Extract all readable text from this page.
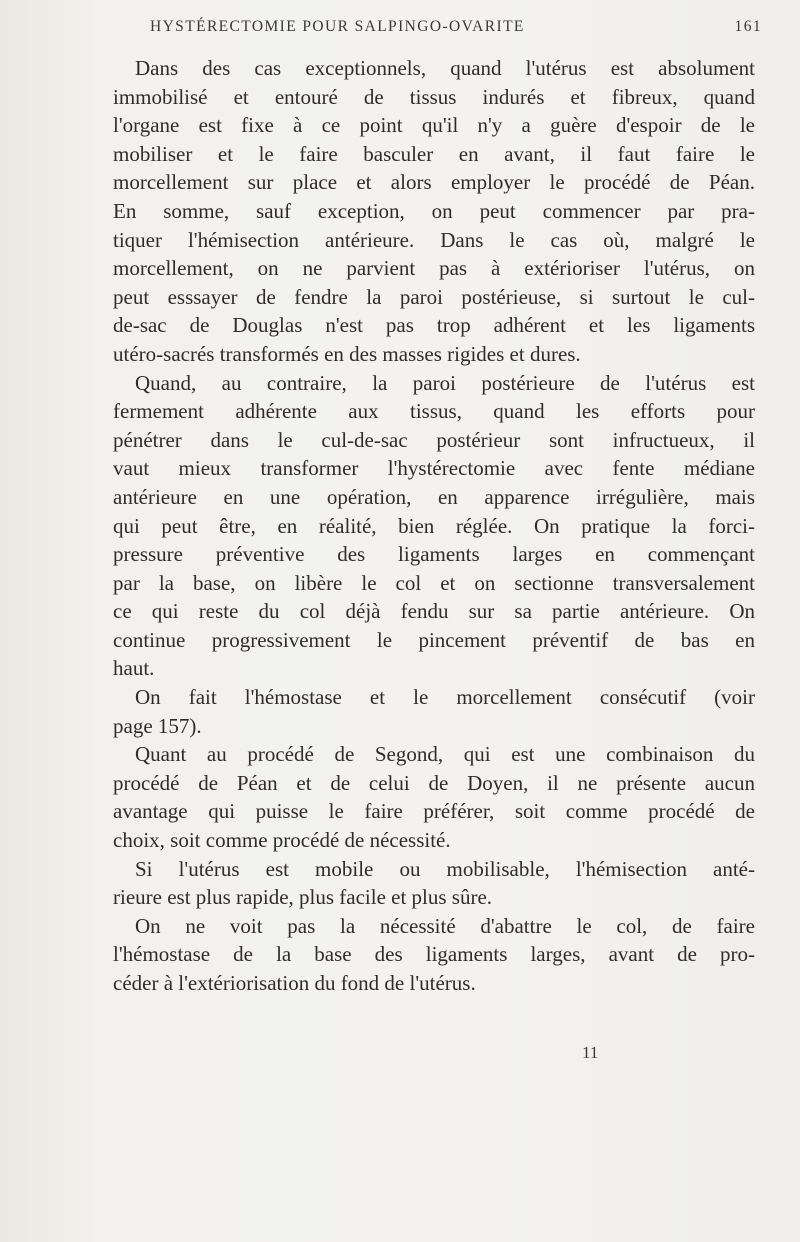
HYSTÉRECTOMIE POUR SALPINGO-OVARITE	161
Dans des cas exceptionnels, quand l'utérus est absolument
immobilisé et entouré de tissus indurés et fibreux, quand
l'organe est fixe à ce point qu'il n'y a guère d'espoir de le
mobiliser et le faire basculer en avant, il faut faire le
morcellement sur place et alors employer le procédé de Péan.
En somme, sauf exception, on peut commencer par pra-
tiquer l'hémisection antérieure. Dans le cas où, malgré le
morcellement, on ne parvient pas à extérioriser l'utérus, on
peut esssayer de fendre la paroi postérieuse, si surtout le cul-
de-sac de Douglas n'est pas trop adhérent et les ligaments
utéro-sacrés transformés en des masses rigides et dures.
Quand, au contraire, la paroi postérieure de l'utérus est
fermement adhérente aux tissus, quand les efforts pour
pénétrer dans le cul-de-sac postérieur sont infructueux, il
vaut mieux transformer l'hystérectomie avec fente médiane
antérieure en une opération, en apparence irrégulière, mais
qui peut être, en réalité, bien réglée. On pratique la forci-
pressure préventive des ligaments larges en commençant
par la base, on libère le col et on sectionne transversalement
ce qui reste du col déjà fendu sur sa partie antérieure. On
continue progressivement le pincement préventif de bas en
haut.
On fait l'hémostase et le morcellement consécutif (voir
page 157).
Quant au procédé de Segond, qui est une combinaison du
procédé de Péan et de celui de Doyen, il ne présente aucun
avantage qui puisse le faire préférer, soit comme procédé de
choix, soit comme procédé de nécessité.
Si l'utérus est mobile ou mobilisable, l'hémisection anté-
rieure est plus rapide, plus facile et plus sûre.
On ne voit pas la nécessité d'abattre le col, de faire
l'hémostase de la base des ligaments larges, avant de pro-
céder à l'extériorisation du fond de l'utérus.
11
